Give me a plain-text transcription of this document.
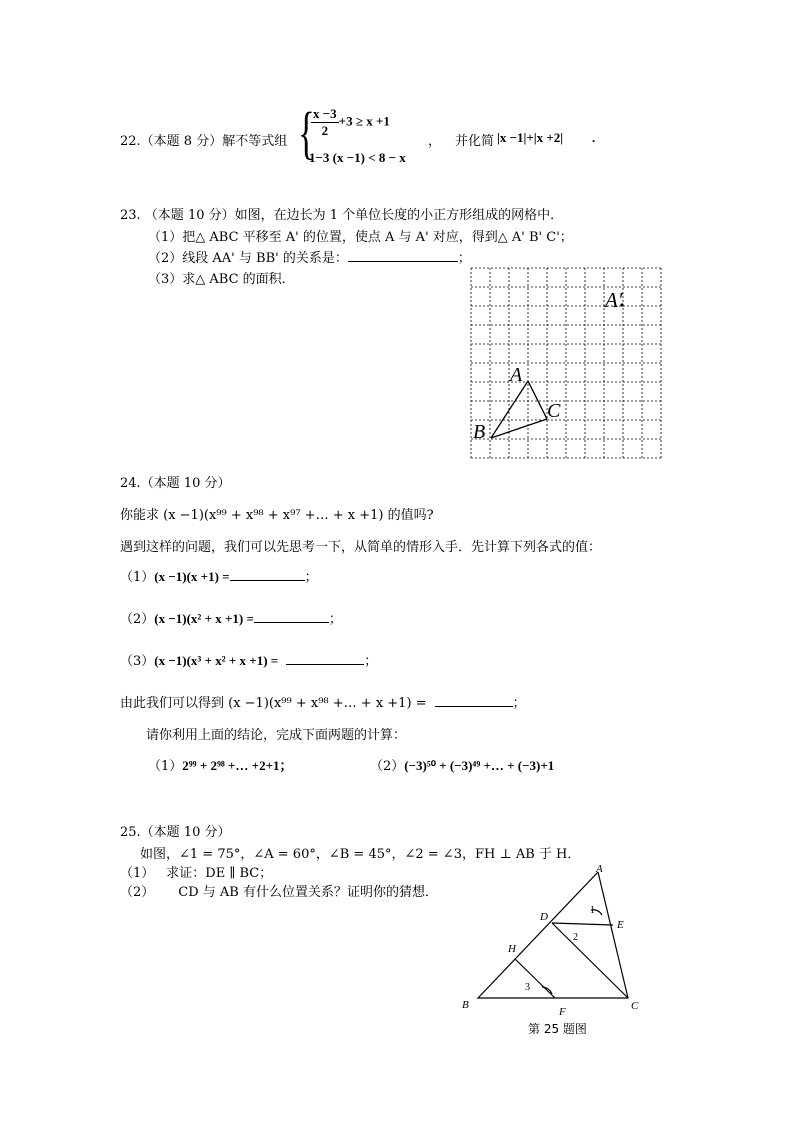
22.（本题 8 分）解不等式组 {
$\frac{x -3}{2} +3 \ge x +1$
1−3 (x −1) < 8 − x
， 并化简 |x −1|+|x +2| .
23. （本题 10 分）如图，在边长为 1 个单位长度的小正方形组成的网格中．
（1）把△ ABC 平移至 A' 的位置，使点 A 与 A' 对应，得到△ A' B' C'；
（2）线段 AA' 与 BB' 的关系是：	；
（3）求△ ABC 的面积．
A′
A
B
C
24.（本题 10 分）
你能求 (x −1)(x⁹⁹ + x⁹⁸ + x⁹⁷ +… + x +1) 的值吗?
遇到这样的问题，我们可以先思考一下，从简单的情形入手．先计算下列各式的值：
（1）(x −1)(x +1) =	；
（2）(x −1)(x² + x +1) =	；
（3）(x −1)(x³ + x² + x +1) =	；
由此我们可以得到 (x −1)(x⁹⁹ + x⁹⁸ +… + x +1) =	；
请你利用上面的结论，完成下面两题的计算：
（1）2⁹⁹ + 2⁹⁸ +… +2+1；	（2）(−3)⁵⁰ + (−3)⁴⁹ +… + (−3)+1
25.（本题 10 分）
如图，∠1 = 75°，∠A = 60°，∠B = 45°，∠2 = ∠3，FH ⊥ AB 于 H．
（1） 求证：DE ∥ BC；
（2） CD 与 AB 有什么位置关系？证明你的猜想．
A
B	C
D
E
F
H
1
2
3
第 25 题图
